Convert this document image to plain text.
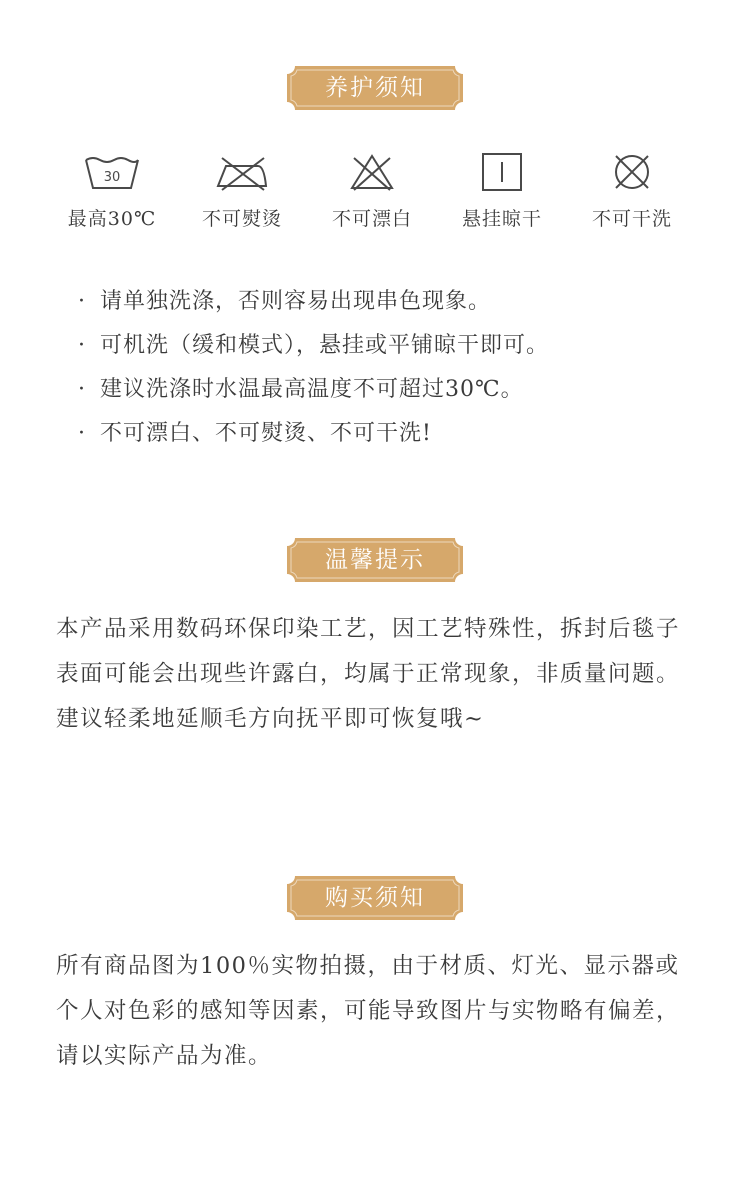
养护须知
30
最高30℃	不可熨烫	不可漂白	悬挂晾干	不可干洗
· 请单独洗涤，否则容易出现串色现象。
· 可机洗（缓和模式），悬挂或平铺晾干即可。
· 建议洗涤时水温最高温度不可超过30℃。
· 不可漂白、不可熨烫、不可干洗!
温馨提示

本产品采用数码环保印染工艺，因工艺特殊性，拆封后毯子表面可能会出现些许露白，均属于正常现象，非质量问题。建议轻柔地延顺毛方向抚平即可恢复哦~

购买须知

所有商品图为100％实物拍摄，由于材质、灯光、显示器或个人对色彩的感知等因素，可能导致图片与实物略有偏差，请以实际产品为准。
